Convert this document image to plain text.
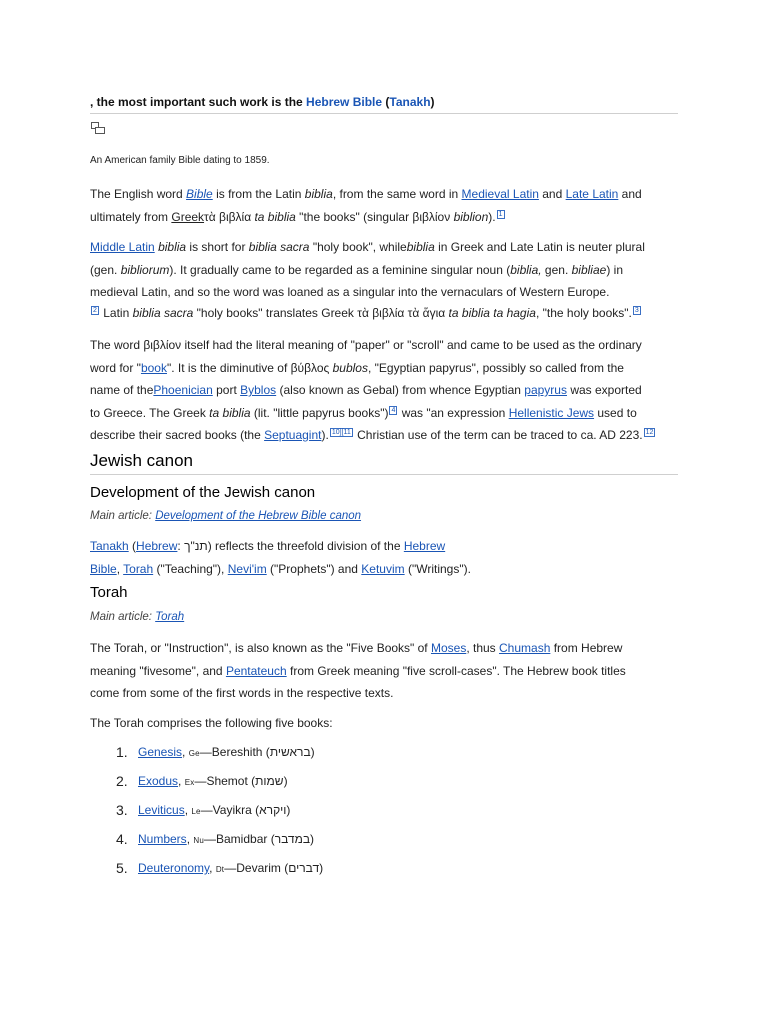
, the most important such work is the Hebrew Bible (Tanakh)

An American family Bible dating to 1859.

The English word Bible is from the Latin biblia, from the same word in Medieval Latin and Late Latin and
ultimately from Greekτὰ βιβλία ta biblia "the books" (singular βιβλίον biblion). 1
Middle Latin biblia is short for biblia sacra "holy book", whilebiblia in Greek and Late Latin is neuter plural
(gen. bibliorum). It gradually came to be regarded as a feminine singular noun (biblia, gen. bibliae) in
medieval Latin, and so the word was loaned as a singular into the vernaculars of Western Europe.
2 Latin biblia sacra "holy books" translates Greek τὰ βιβλία τὰ ἅγια ta biblia ta hagia, "the holy books". 3
The word βιβλίον itself had the literal meaning of "paper" or "scroll" and came to be used as the ordinary
word for "book". It is the diminutive of βύβλος bublos, "Egyptian papyrus", possibly so called from the
name of thePhoenician port Byblos (also known as Gebal) from whence Egyptian papyrus was exported
to Greece. The Greek ta biblia (lit. "little papyrus books") 4 was "an expression Hellenistic Jews used to
describe their sacred books (the Septuagint). 10][11 Christian use of the term can be traced to ca. AD 223. 12
Jewish canon
Development of the Jewish canon

Main article: Development of the Hebrew Bible canon

Tanakh (Hebrew: תנ"ך) reflects the threefold division of the Hebrew
Bible, Torah ("Teaching"), Nevi'im ("Prophets") and Ketuvim ("Writings").
Torah

Main article: Torah

The Torah, or "Instruction", is also known as the "Five Books" of Moses, thus Chumash from Hebrew
meaning "fivesome", and Pentateuch from Greek meaning "five scroll-cases". The Hebrew book titles
come from some of the first words in the respective texts.

The Torah comprises the following five books:

1. Genesis, Ge—Bereshith (בראשית)
2. Exodus, Ex—Shemot (שמות)
3. Leviticus, Le—Vayikra (ויקרא)
4. Numbers, Nu—Bamidbar (במדבר)
5. Deuteronomy, Dt—Devarim (דברים)
